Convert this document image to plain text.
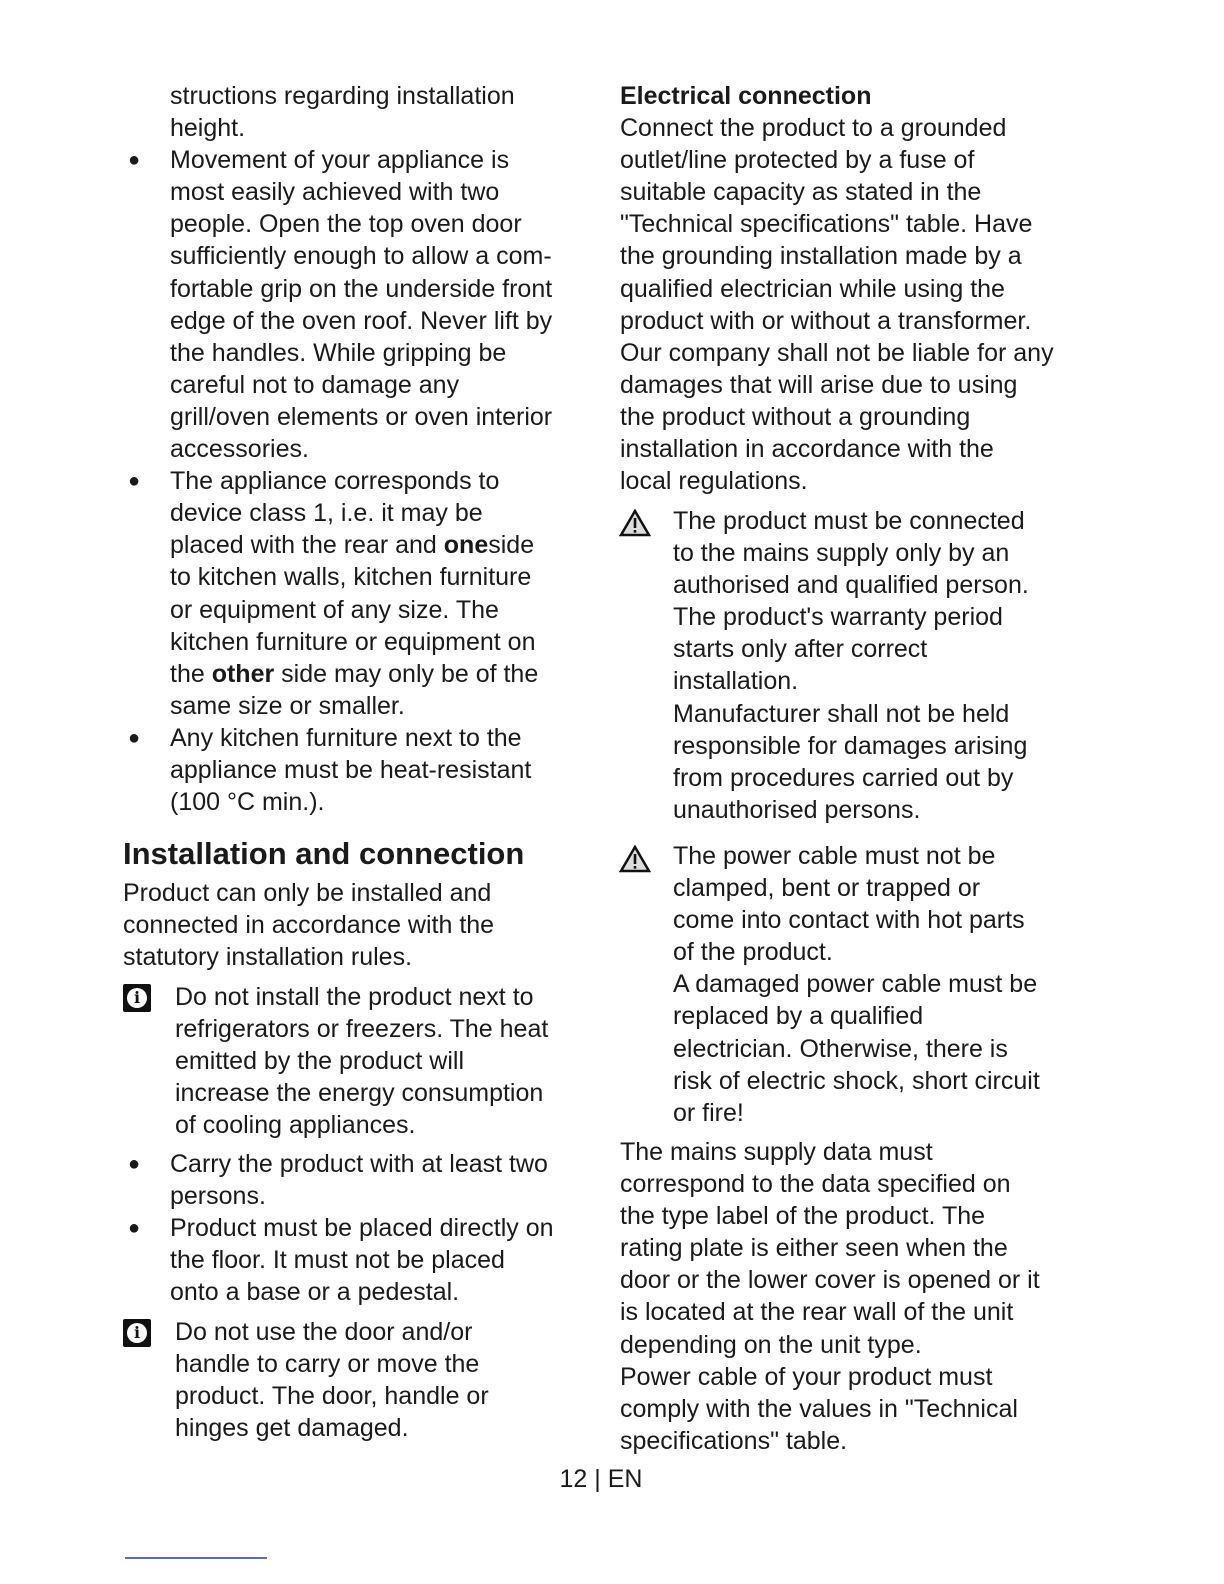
structions regarding installation
height.
● Movement of your appliance is
most easily achieved with two
people. Open the top oven door
sufficiently enough to allow a com-
fortable grip on the underside front
edge of the oven roof. Never lift by
the handles. While gripping be
careful not to damage any
grill/oven elements or oven interior
accessories.
● The appliance corresponds to
device class 1, i.e. it may be
placed with the rear and oneside
to kitchen walls, kitchen furniture
or equipment of any size. The
kitchen furniture or equipment on
the other side may only be of the
same size or smaller.
● Any kitchen furniture next to the
appliance must be heat-resistant
(100 °C min.).
Installation and connection
Product can only be installed and
connected in accordance with the
statutory installation rules.
i Do not install the product next to
refrigerators or freezers. The heat
emitted by the product will
increase the energy consumption
of cooling appliances.
● Carry the product with at least two
persons.
● Product must be placed directly on
the floor. It must not be placed
onto a base or a pedestal.
i Do not use the door and/or
handle to carry or move the
product. The door, handle or
hinges get damaged.
Electrical connection
Connect the product to a grounded
outlet/line protected by a fuse of
suitable capacity as stated in the
"Technical specifications" table. Have
the grounding installation made by a
qualified electrician while using the
product with or without a transformer.
Our company shall not be liable for any
damages that will arise due to using
the product without a grounding
installation in accordance with the
local regulations.
The product must be connected
to the mains supply only by an
authorised and qualified person.
The product's warranty period
starts only after correct
installation.
Manufacturer shall not be held
responsible for damages arising
from procedures carried out by
unauthorised persons.
The power cable must not be
clamped, bent or trapped or
come into contact with hot parts
of the product.
A damaged power cable must be
replaced by a qualified
electrician. Otherwise, there is
risk of electric shock, short circuit
or fire!
The mains supply data must
correspond to the data specified on
the type label of the product. The
rating plate is either seen when the
door or the lower cover is opened or it
is located at the rear wall of the unit
depending on the unit type.
Power cable of your product must
comply with the values in "Technical
specifications" table.
12 | EN
